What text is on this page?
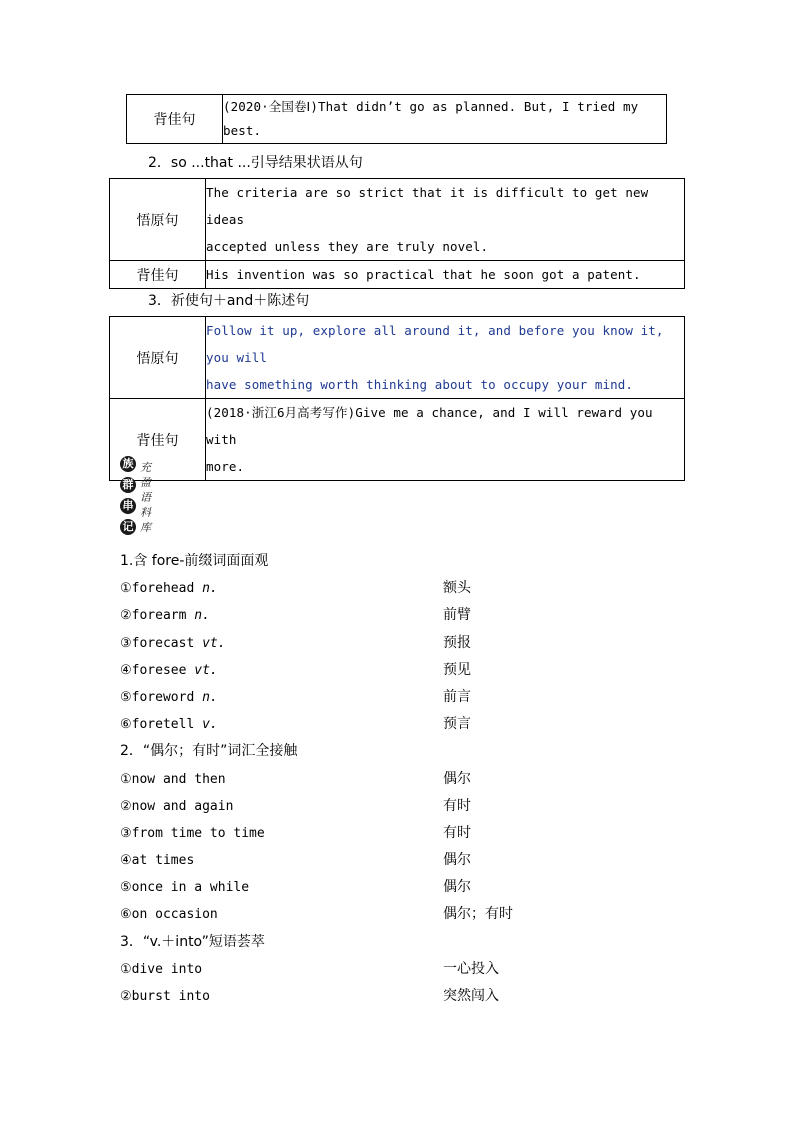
背佳句	(2020·全国卷Ⅰ)That didn’t go as planned. But, I tried my best.
2．so ...that ...引导结果状语从句
悟原句	The criteria are so strict that it is difficult to get new ideas
accepted unless they are truly novel.

背佳句	His invention was so practical that he soon got a patent.
3．祈使句＋and＋陈述句
悟原句	Follow it up, explore all around it, and before you know it, you will
have something worth thinking about to occupy your mind.

背佳句	(2018·浙江6月高考写作)Give me a chance, and I will reward you with
more.
族
群
串
记
充
盈
语
料
库
1.含 fore-前缀词面面观
①forehead n.	额头
②forearm n.	前臂
③forecast vt.	预报
④foresee vt.	预见
⑤foreword n.	前言
⑥foretell v.	预言
2．“偶尔；有时”词汇全接触
①now and then	偶尔
②now and again	有时
③from time to time	有时
④at times	偶尔
⑤once in a while	偶尔
⑥on occasion	偶尔；有时
3．“v.＋into”短语荟萃
①dive into	一心投入
②burst into	突然闯入
